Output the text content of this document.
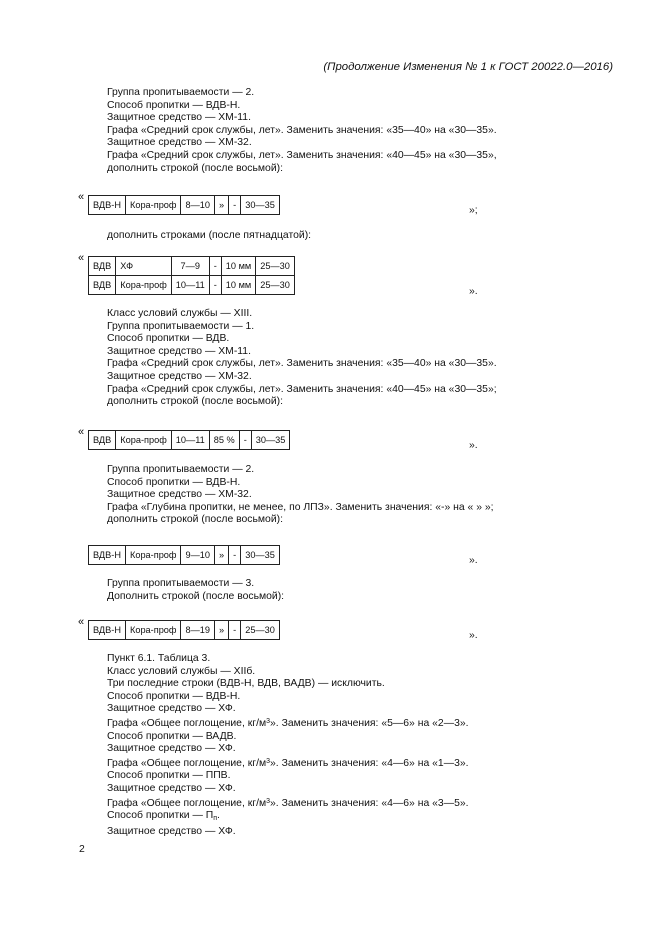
(Продолжение Изменения № 1 к ГОСТ 20022.0—2016)
Группа пропитываемости — 2.
Способ пропитки — ВДВ-Н.
Защитное средство — ХМ-11.
Графа «Средний срок службы, лет». Заменить значения: «35—40» на «30—35».
Защитное средство — ХМ-32.
Графа «Средний срок службы, лет». Заменить значения: «40—45» на «30—35»,
дополнить строкой (после восьмой):
«
ВДВ-Н	Кора-проф	8—10	»	-	30—35	»;
дополнить строками (после пятнадцатой):
«
ВДВ	ХФ	7—9	-	10 мм	25—30
ВДВ	Кора-проф	10—11	-	10 мм	25—30
».
Класс условий службы — XIII.
Группа пропитываемости — 1.
Способ пропитки — ВДВ.
Защитное средство — ХМ-11.
Графа «Средний срок службы, лет». Заменить значения: «35—40» на «30—35».
Защитное средство — ХМ-32.
Графа «Средний срок службы, лет». Заменить значения: «40—45» на «30—35»;
дополнить строкой (после восьмой):
«
ВДВ	Кора-проф	10—11	85 %	-	30—35	».
Группа пропитываемости — 2.
Способ пропитки — ВДВ-Н.
Защитное средство — ХМ-32.
Графа «Глубина пропитки, не менее, по ЛПЗ». Заменить значения: «-» на « » »;
дополнить строкой (после восьмой):
ВДВ-Н	Кора-проф	9—10	»	-	30—35	».
Группа пропитываемости — 3.
Дополнить строкой (после восьмой):
«
ВДВ-Н	Кора-проф	8—19	»	-	25—30	».
Пункт 6.1. Таблица 3.
Класс условий службы — XIIб.
Три последние строки (ВДВ-Н, ВДВ, ВАДВ) — исключить.
Способ пропитки — ВДВ-Н.
Защитное средство — ХФ.
Графа «Общее поглощение, $кг/м^3$». Заменить значения: «5—6» на «2—3».
Способ пропитки — ВАДВ.
Защитное средство — ХФ.
Графа «Общее поглощение, $кг/м^3$». Заменить значения: «4—6» на «1—3».
Способ пропитки — ППВ.
Защитное средство — ХФ.
Графа «Общее поглощение, $кг/м^3$». Заменить значения: «4—6» на «3—5».
Способ пропитки — $П_п$.
Защитное средство — ХФ.
2
